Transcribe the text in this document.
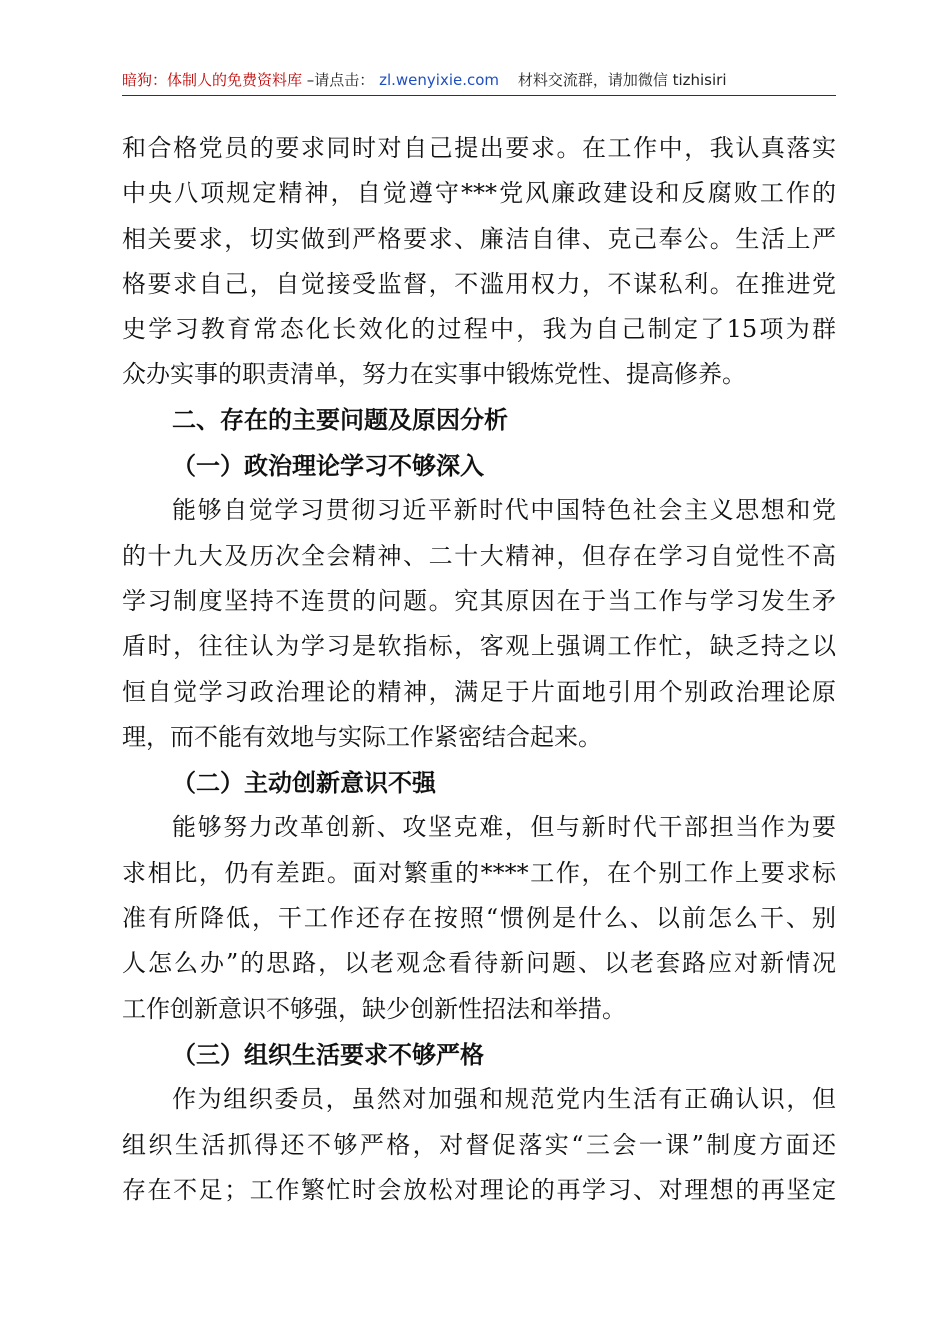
暗狗：体制人的免费资料库 –请点击： zl.wenyixie.com 材料交流群，请加微信 tizhisiri
和合格党员的要求同时对自己提出要求。在工作中，我认真落实
中央八项规定精神，自觉遵守***党风廉政建设和反腐败工作的
相关要求，切实做到严格要求、廉洁自律、克己奉公。生活上严
格要求自己，自觉接受监督，不滥用权力，不谋私利。在推进党
史学习教育常态化长效化的过程中，我为自己制定了15项为群
众办实事的职责清单，努力在实事中锻炼党性、提高修养。
二、存在的主要问题及原因分析
（一）政治理论学习不够深入
能够自觉学习贯彻习近平新时代中国特色社会主义思想和党
的十九大及历次全会精神、二十大精神，但存在学习自觉性不高
学习制度坚持不连贯的问题。究其原因在于当工作与学习发生矛
盾时，往往认为学习是软指标，客观上强调工作忙，缺乏持之以
恒自觉学习政治理论的精神，满足于片面地引用个别政治理论原
理，而不能有效地与实际工作紧密结合起来。
（二）主动创新意识不强
能够努力改革创新、攻坚克难，但与新时代干部担当作为要
求相比，仍有差距。面对繁重的****工作，在个别工作上要求标
准有所降低，干工作还存在按照“惯例是什么、以前怎么干、别
人怎么办”的思路，以老观念看待新问题、以老套路应对新情况
工作创新意识不够强，缺少创新性招法和举措。
（三）组织生活要求不够严格
作为组织委员，虽然对加强和规范党内生活有正确认识，但
组织生活抓得还不够严格，对督促落实“三会一课”制度方面还
存在不足；工作繁忙时会放松对理论的再学习、对理想的再坚定
